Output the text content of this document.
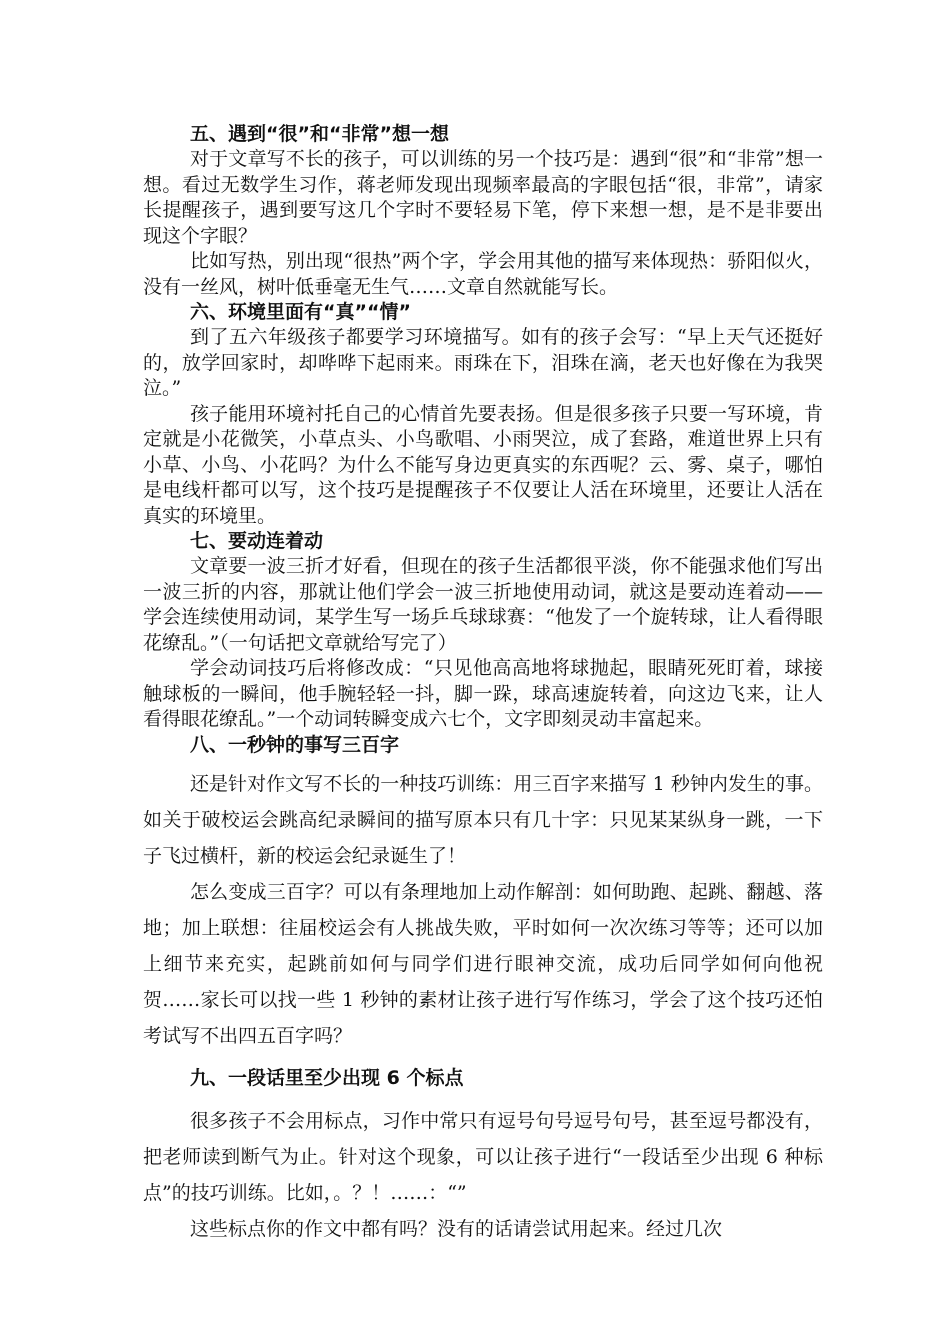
五、遇到“很”和“非常”想一想

对于文章写不长的孩子，可以训练的另一个技巧是：遇到“很”和“非常”想一想。看过无数学生习作，蒋老师发现出现频率最高的字眼包括“很，非常”，请家长提醒孩子，遇到要写这几个字时不要轻易下笔，停下来想一想，是不是非要出现这个字眼？

比如写热，别出现“很热”两个字，学会用其他的描写来体现热：骄阳似火，没有一丝风，树叶低垂毫无生气……文章自然就能写长。

六、环境里面有“真”“情”

到了五六年级孩子都要学习环境描写。如有的孩子会写：“早上天气还挺好的，放学回家时，却哗哗下起雨来。雨珠在下，泪珠在滴，老天也好像在为我哭泣。”

孩子能用环境衬托自己的心情首先要表扬。但是很多孩子只要一写环境，肯定就是小花微笑，小草点头、小鸟歌唱、小雨哭泣，成了套路，难道世界上只有小草、小鸟、小花吗？为什么不能写身边更真实的东西呢？云、雾、桌子，哪怕是电线杆都可以写，这个技巧是提醒孩子不仅要让人活在环境里，还要让人活在真实的环境里。

七、要动连着动

文章要一波三折才好看，但现在的孩子生活都很平淡，你不能强求他们写出一波三折的内容，那就让他们学会一波三折地使用动词，就这是要动连着动——学会连续使用动词，某学生写一场乒乓球球赛：“他发了一个旋转球，让人看得眼花缭乱。”（一句话把文章就给写完了）

学会动词技巧后将修改成：“只见他高高地将球抛起，眼睛死死盯着，球接触球板的一瞬间，他手腕轻轻一抖，脚一跺，球高速旋转着，向这边飞来，让人看得眼花缭乱。”一个动词转瞬变成六七个，文字即刻灵动丰富起来。

八、一秒钟的事写三百字

还是针对作文写不长的一种技巧训练：用三百字来描写 1 秒钟内发生的事。如关于破校运会跳高纪录瞬间的描写原本只有几十字：只见某某纵身一跳，一下子飞过横杆，新的校运会纪录诞生了！

怎么变成三百字？可以有条理地加上动作解剖：如何助跑、起跳、翻越、落地；加上联想：往届校运会有人挑战失败，平时如何一次次练习等等；还可以加上细节来充实，起跳前如何与同学们进行眼神交流，成功后同学如何向他祝贺……家长可以找一些 1 秒钟的素材让孩子进行写作练习，学会了这个技巧还怕考试写不出四五百字吗？

九、一段话里至少出现 6 个标点

很多孩子不会用标点，习作中常只有逗号句号逗号句号，甚至逗号都没有，把老师读到断气为止。针对这个现象，可以让孩子进行“一段话至少出现 6 种标点”的技巧训练。比如，。？！……：“”

这些标点你的作文中都有吗？没有的话请尝试用起来。经过几次
